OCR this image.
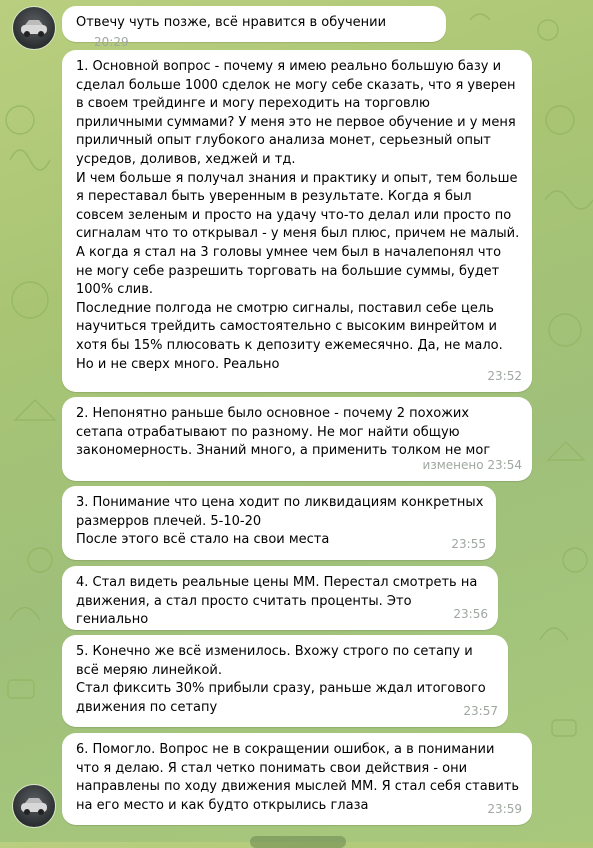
Отвечу чуть позже, всё нравится в обучении 20:29
1. Основной вопрос - почему я имею реально большую базу и сделал больше 1000 сделок не могу себе сказать, что я уверен в своем трейдинге и могу переходить на торговлю приличными суммами? У меня это не первое обучение и у меня приличный опыт глубокого анализа монет, серьезный опыт усредов, доливов, хеджей и тд.
И чем больше я получал знания и практику и опыт, тем больше я переставал быть уверенным в результате. Когда я был совсем зеленым и просто на удачу что-то делал или просто по сигналам что то открывал - у меня был плюс, причем не малый.
А когда я стал на 3 головы умнее чем был в началепонял что не могу себе разрешить торговать на большие суммы, будет 100% слив.
Последние полгода не смотрю сигналы, поставил себе цель научиться трейдить самостоятельно с высоким винрейтом и хотя бы 15% плюсовать к депозиту ежемесячно. Да, не мало. Но и не сверх много. Реально
23:52
2. Непонятно раньше было основное - почему 2 похожих сетапа отрабатывают по разному. Не мог найти общую закономерность. Знаний много, а применить толком не мог
изменено 23:54
3. Понимание что цена ходит по ликвидациям конкретных размерров плечей. 5-10-20
После этого всё стало на свои места	23:55
4. Стал видеть реальные цены ММ. Перестал смотреть на движения, а стал просто считать проценты. Это гениально	23:56
5. Конечно же всё изменилось. Вхожу строго по сетапу и всё меряю линейкой.
Стал фиксить 30% прибыли сразу, раньше ждал итогового движения по сетапу	23:57
6. Помогло. Вопрос не в сокращении ошибок, а в понимании что я делаю. Я стал четко понимать свои действия - они направлены по ходу движения мыслей ММ. Я стал себя ставить на его место и как будто открылись глаза	23:59
